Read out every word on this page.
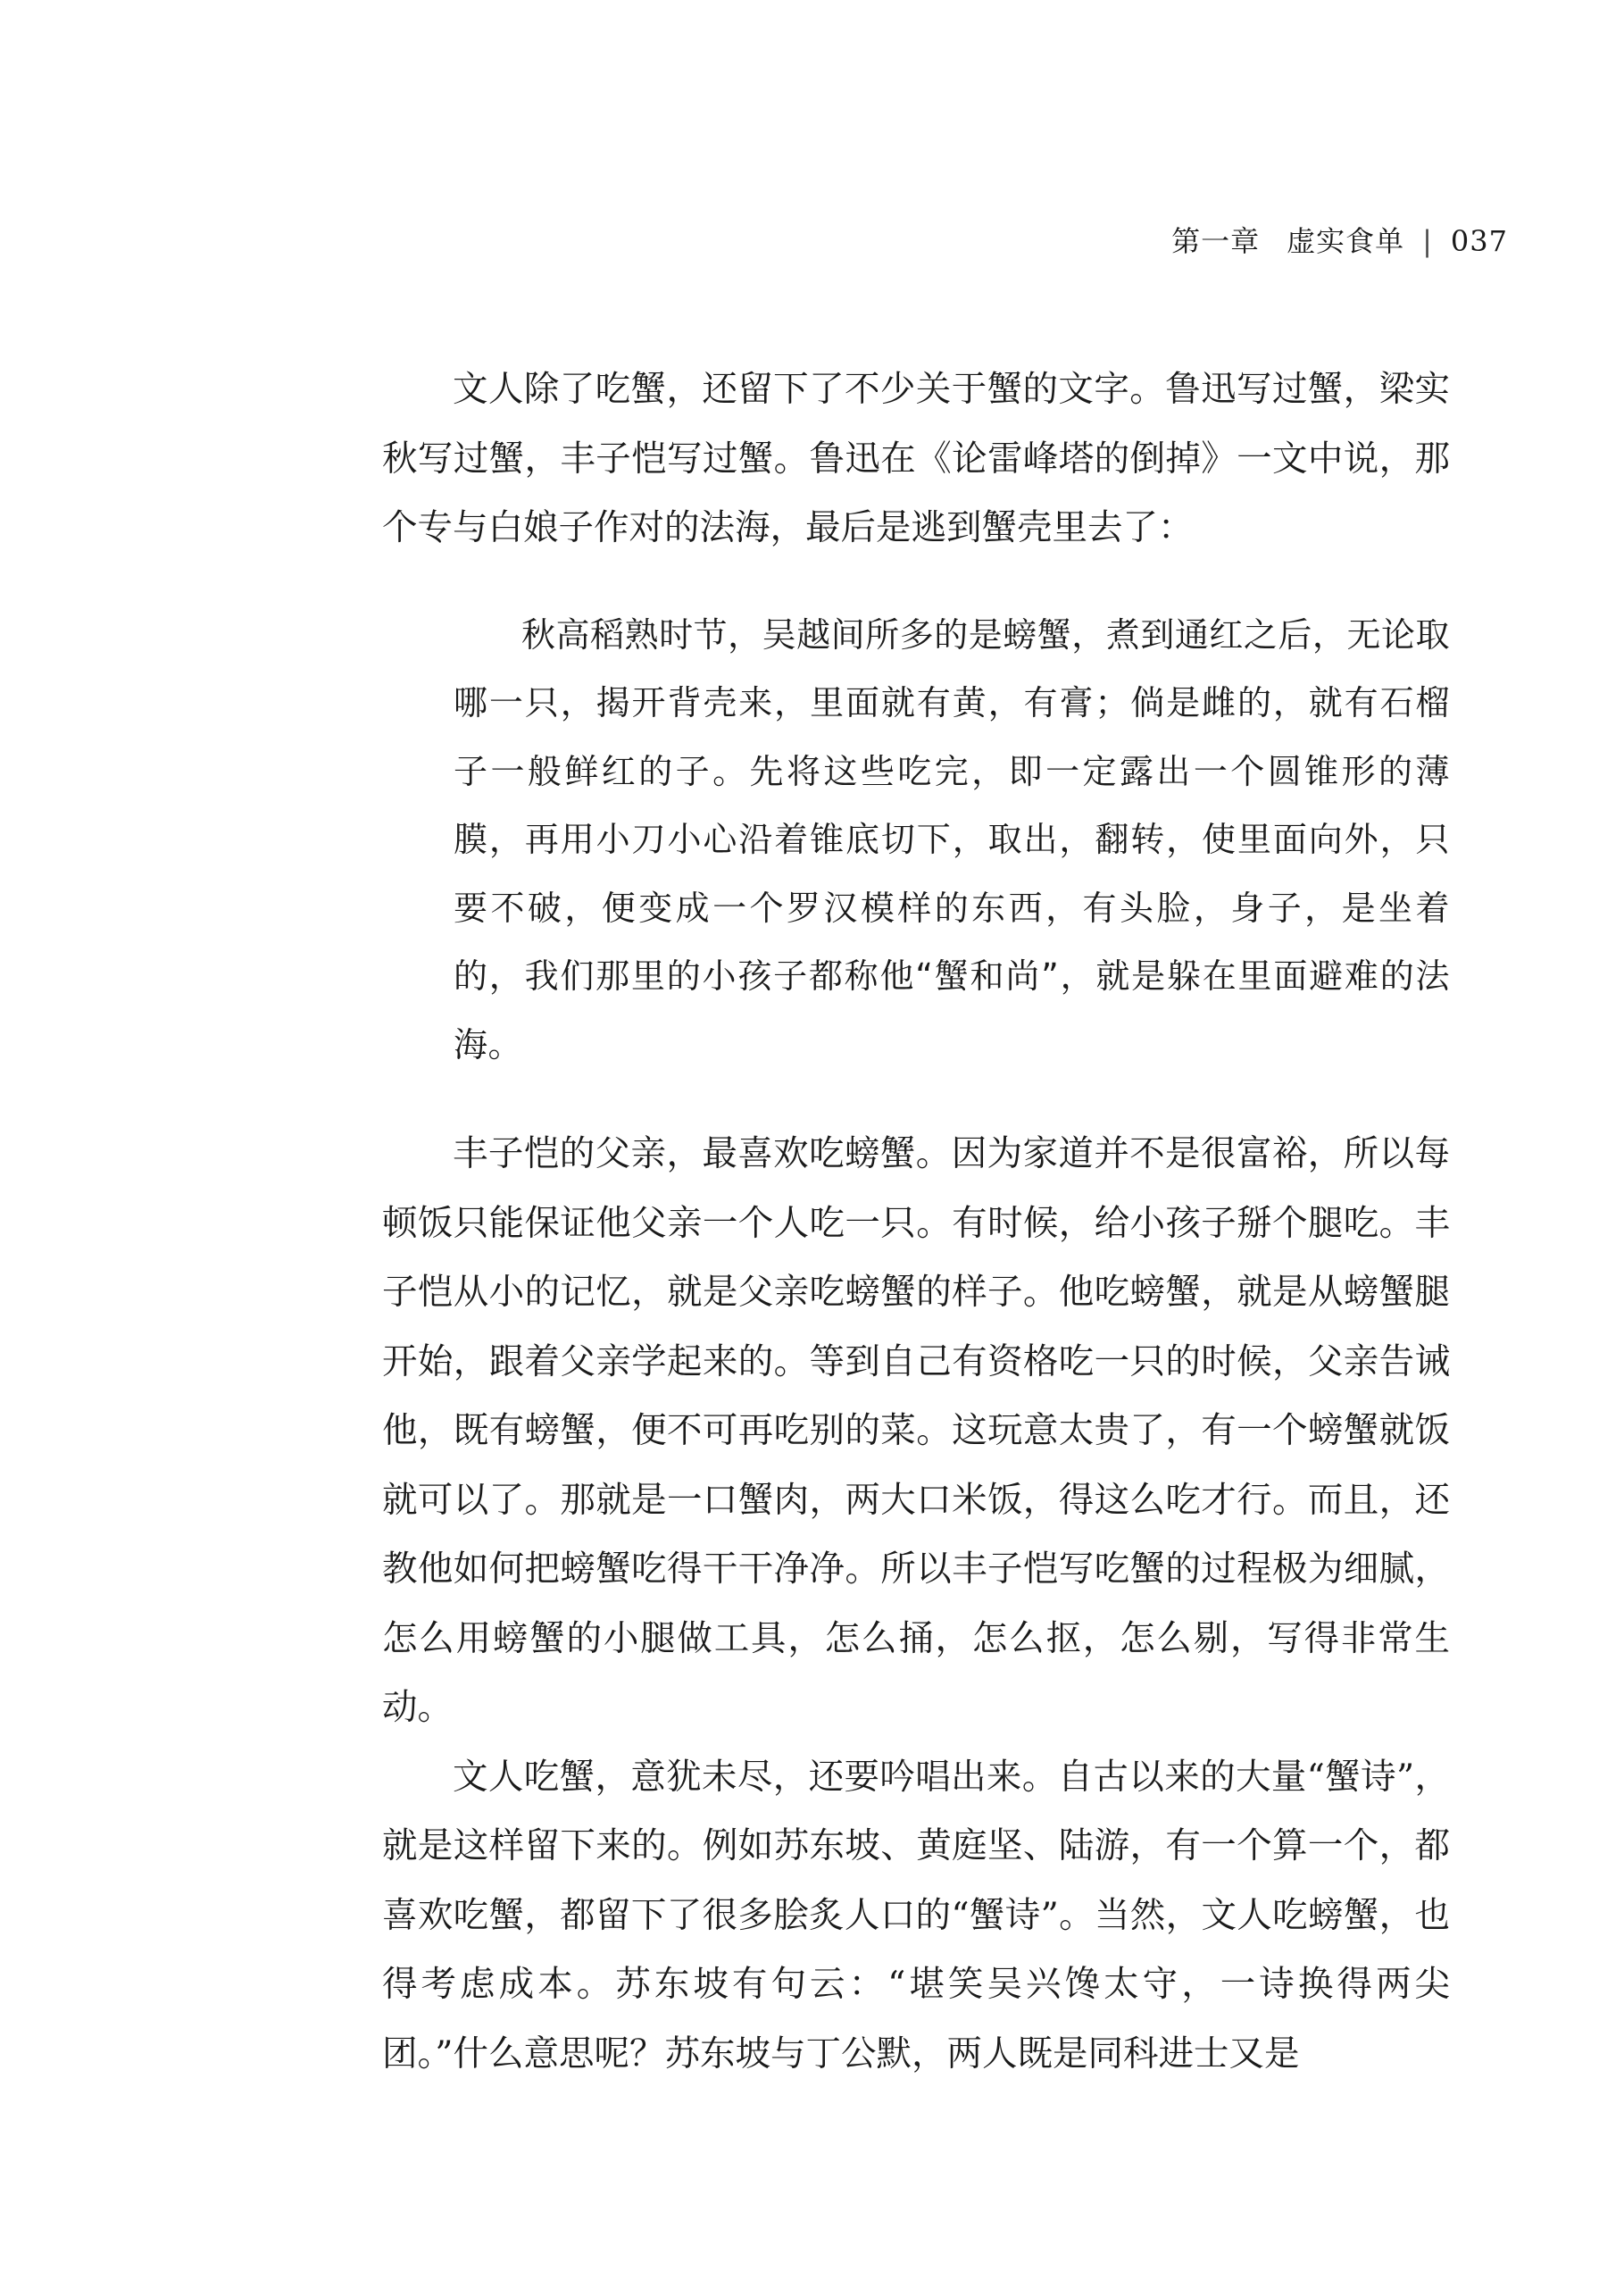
第一章 虚实食单 | 037

文人除了吃蟹，还留下了不少关于蟹的文字。鲁迅写过蟹，梁实秋写过蟹，丰子恺写过蟹。鲁迅在《论雷峰塔的倒掉》一文中说，那个专与白娘子作对的法海，最后是逃到蟹壳里去了：

秋高稻熟时节，吴越间所多的是螃蟹，煮到通红之后，无论取哪一只，揭开背壳来，里面就有黄，有膏；倘是雌的，就有石榴子一般鲜红的子。先将这些吃完，即一定露出一个圆锥形的薄膜，再用小刀小心沿着锥底切下，取出，翻转，使里面向外，只要不破，便变成一个罗汉模样的东西，有头脸，身子，是坐着的，我们那里的小孩子都称他“蟹和尚”，就是躲在里面避难的法海。

丰子恺的父亲，最喜欢吃螃蟹。因为家道并不是很富裕，所以每顿饭只能保证他父亲一个人吃一只。有时候，给小孩子掰个腿吃。丰子恺从小的记忆，就是父亲吃螃蟹的样子。他吃螃蟹，就是从螃蟹腿开始，跟着父亲学起来的。等到自己有资格吃一只的时候，父亲告诫他，既有螃蟹，便不可再吃别的菜。这玩意太贵了，有一个螃蟹就饭就可以了。那就是一口蟹肉，两大口米饭，得这么吃才行。而且，还教他如何把螃蟹吃得干干净净。所以丰子恺写吃蟹的过程极为细腻，怎么用螃蟹的小腿做工具，怎么捅，怎么抠，怎么剔，写得非常生动。

文人吃蟹，意犹未尽，还要吟唱出来。自古以来的大量“蟹诗”，就是这样留下来的。例如苏东坡、黄庭坚、陆游，有一个算一个，都喜欢吃蟹，都留下了很多脍炙人口的“蟹诗”。当然，文人吃螃蟹，也得考虑成本。苏东坡有句云：“堪笑吴兴馋太守，一诗换得两尖团。”什么意思呢？苏东坡与丁公默，两人既是同科进士又是
